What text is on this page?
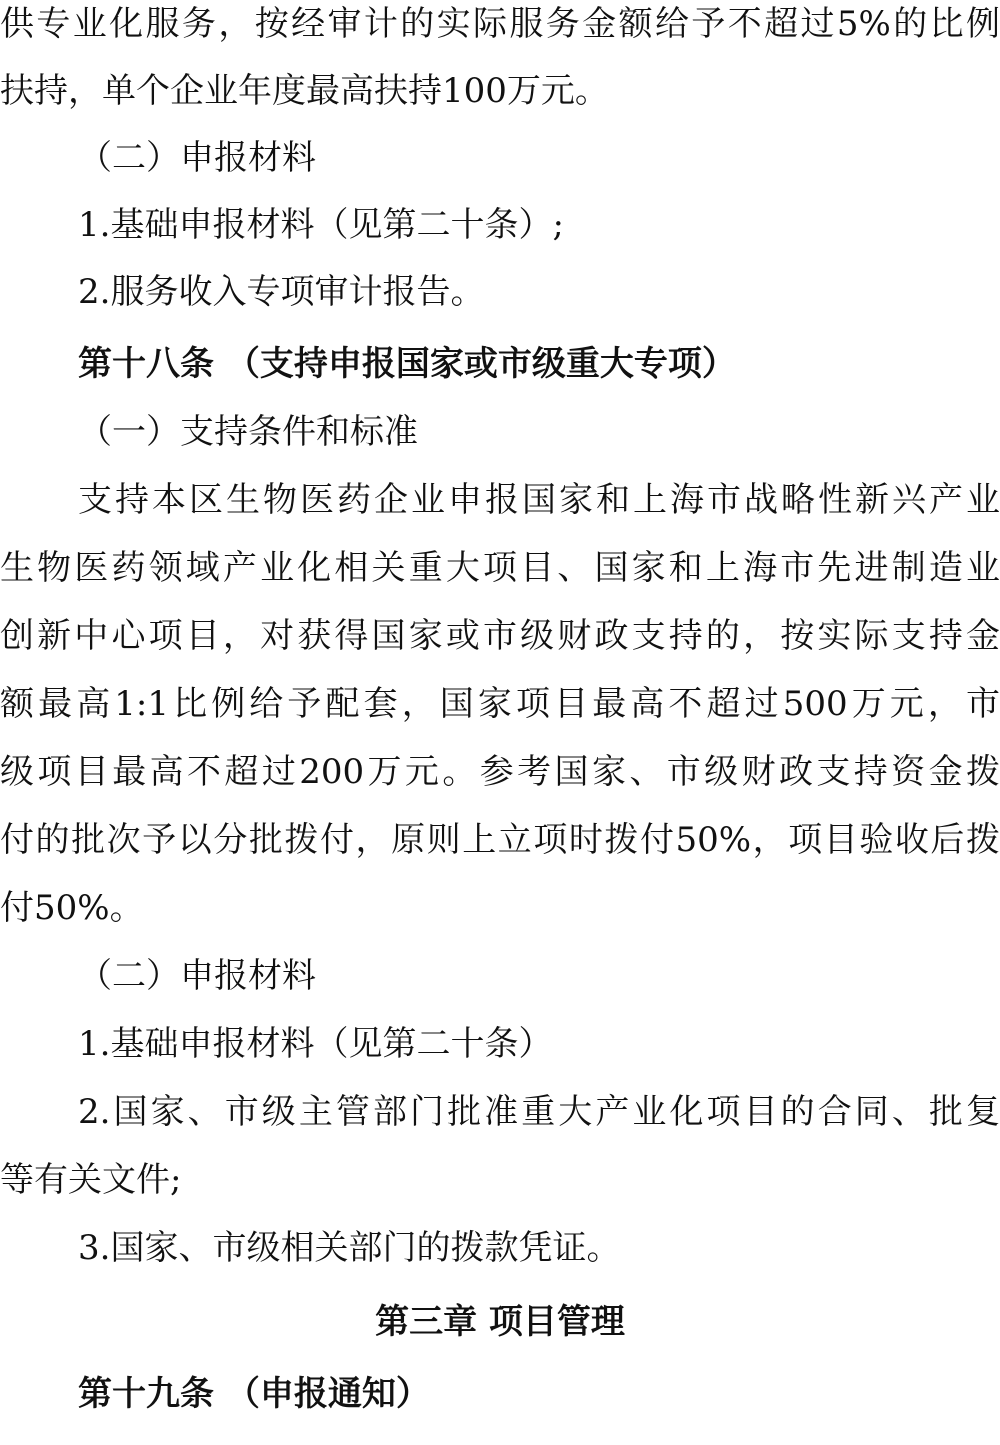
供专业化服务，按经审计的实际服务金额给予不超过5%的比例
扶持，单个企业年度最高扶持100万元。
（二）申报材料
1.基础申报材料（见第二十条）;
2.服务收入专项审计报告。
第十八条 （支持申报国家或市级重大专项）
（一）支持条件和标准
支持本区生物医药企业申报国家和上海市战略性新兴产业
生物医药领域产业化相关重大项目、国家和上海市先进制造业
创新中心项目，对获得国家或市级财政支持的，按实际支持金
额最高1:1比例给予配套，国家项目最高不超过500万元，市
级项目最高不超过200万元。参考国家、市级财政支持资金拨
付的批次予以分批拨付，原则上立项时拨付50%，项目验收后拨
付50%。
（二）申报材料
1.基础申报材料（见第二十条）
2.国家、市级主管部门批准重大产业化项目的合同、批复
等有关文件;
3.国家、市级相关部门的拨款凭证。
第三章 项目管理
第十九条 （申报通知）
